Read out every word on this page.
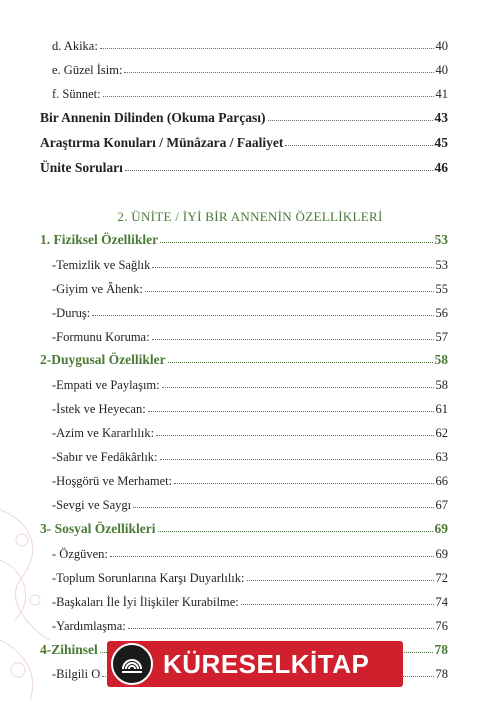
d. Akika:	40
e. Güzel İsim:	40
f. Sünnet:	41
Bir Annenin Dilinden (Okuma Parçası)	43
Araştırma Konuları / Münâzara / Faaliyet	45
Ünite Soruları	46
2. ÜNİTE / İYİ BİR ANNENİN ÖZELLİKLERİ
1. Fiziksel Özellikler	53
-Temizlik ve Sağlık	53
-Giyim ve Âhenk:	55
-Duruş:	56
-Formunu Koruma:	57
2-Duygusal Özellikler	58
-Empati ve Paylaşım:	58
-İstek ve Heyecan:	61
-Azim ve Kararlılık:	62
-Sabır ve Fedâkârlık:	63
-Hoşgörü ve Merhamet:	66
-Sevgi ve Saygı	67
3- Sosyal Özellikleri	69
- Özgüven:	69
-Toplum Sorunlarına Karşı Duyarlılık:	72
-Başkaları İle İyi İlişkiler Kurabilme:	74
-Yardımlaşma:	76
4-Zihinsel	78
-Bilgili O	78
KÜRESELKİTAP
